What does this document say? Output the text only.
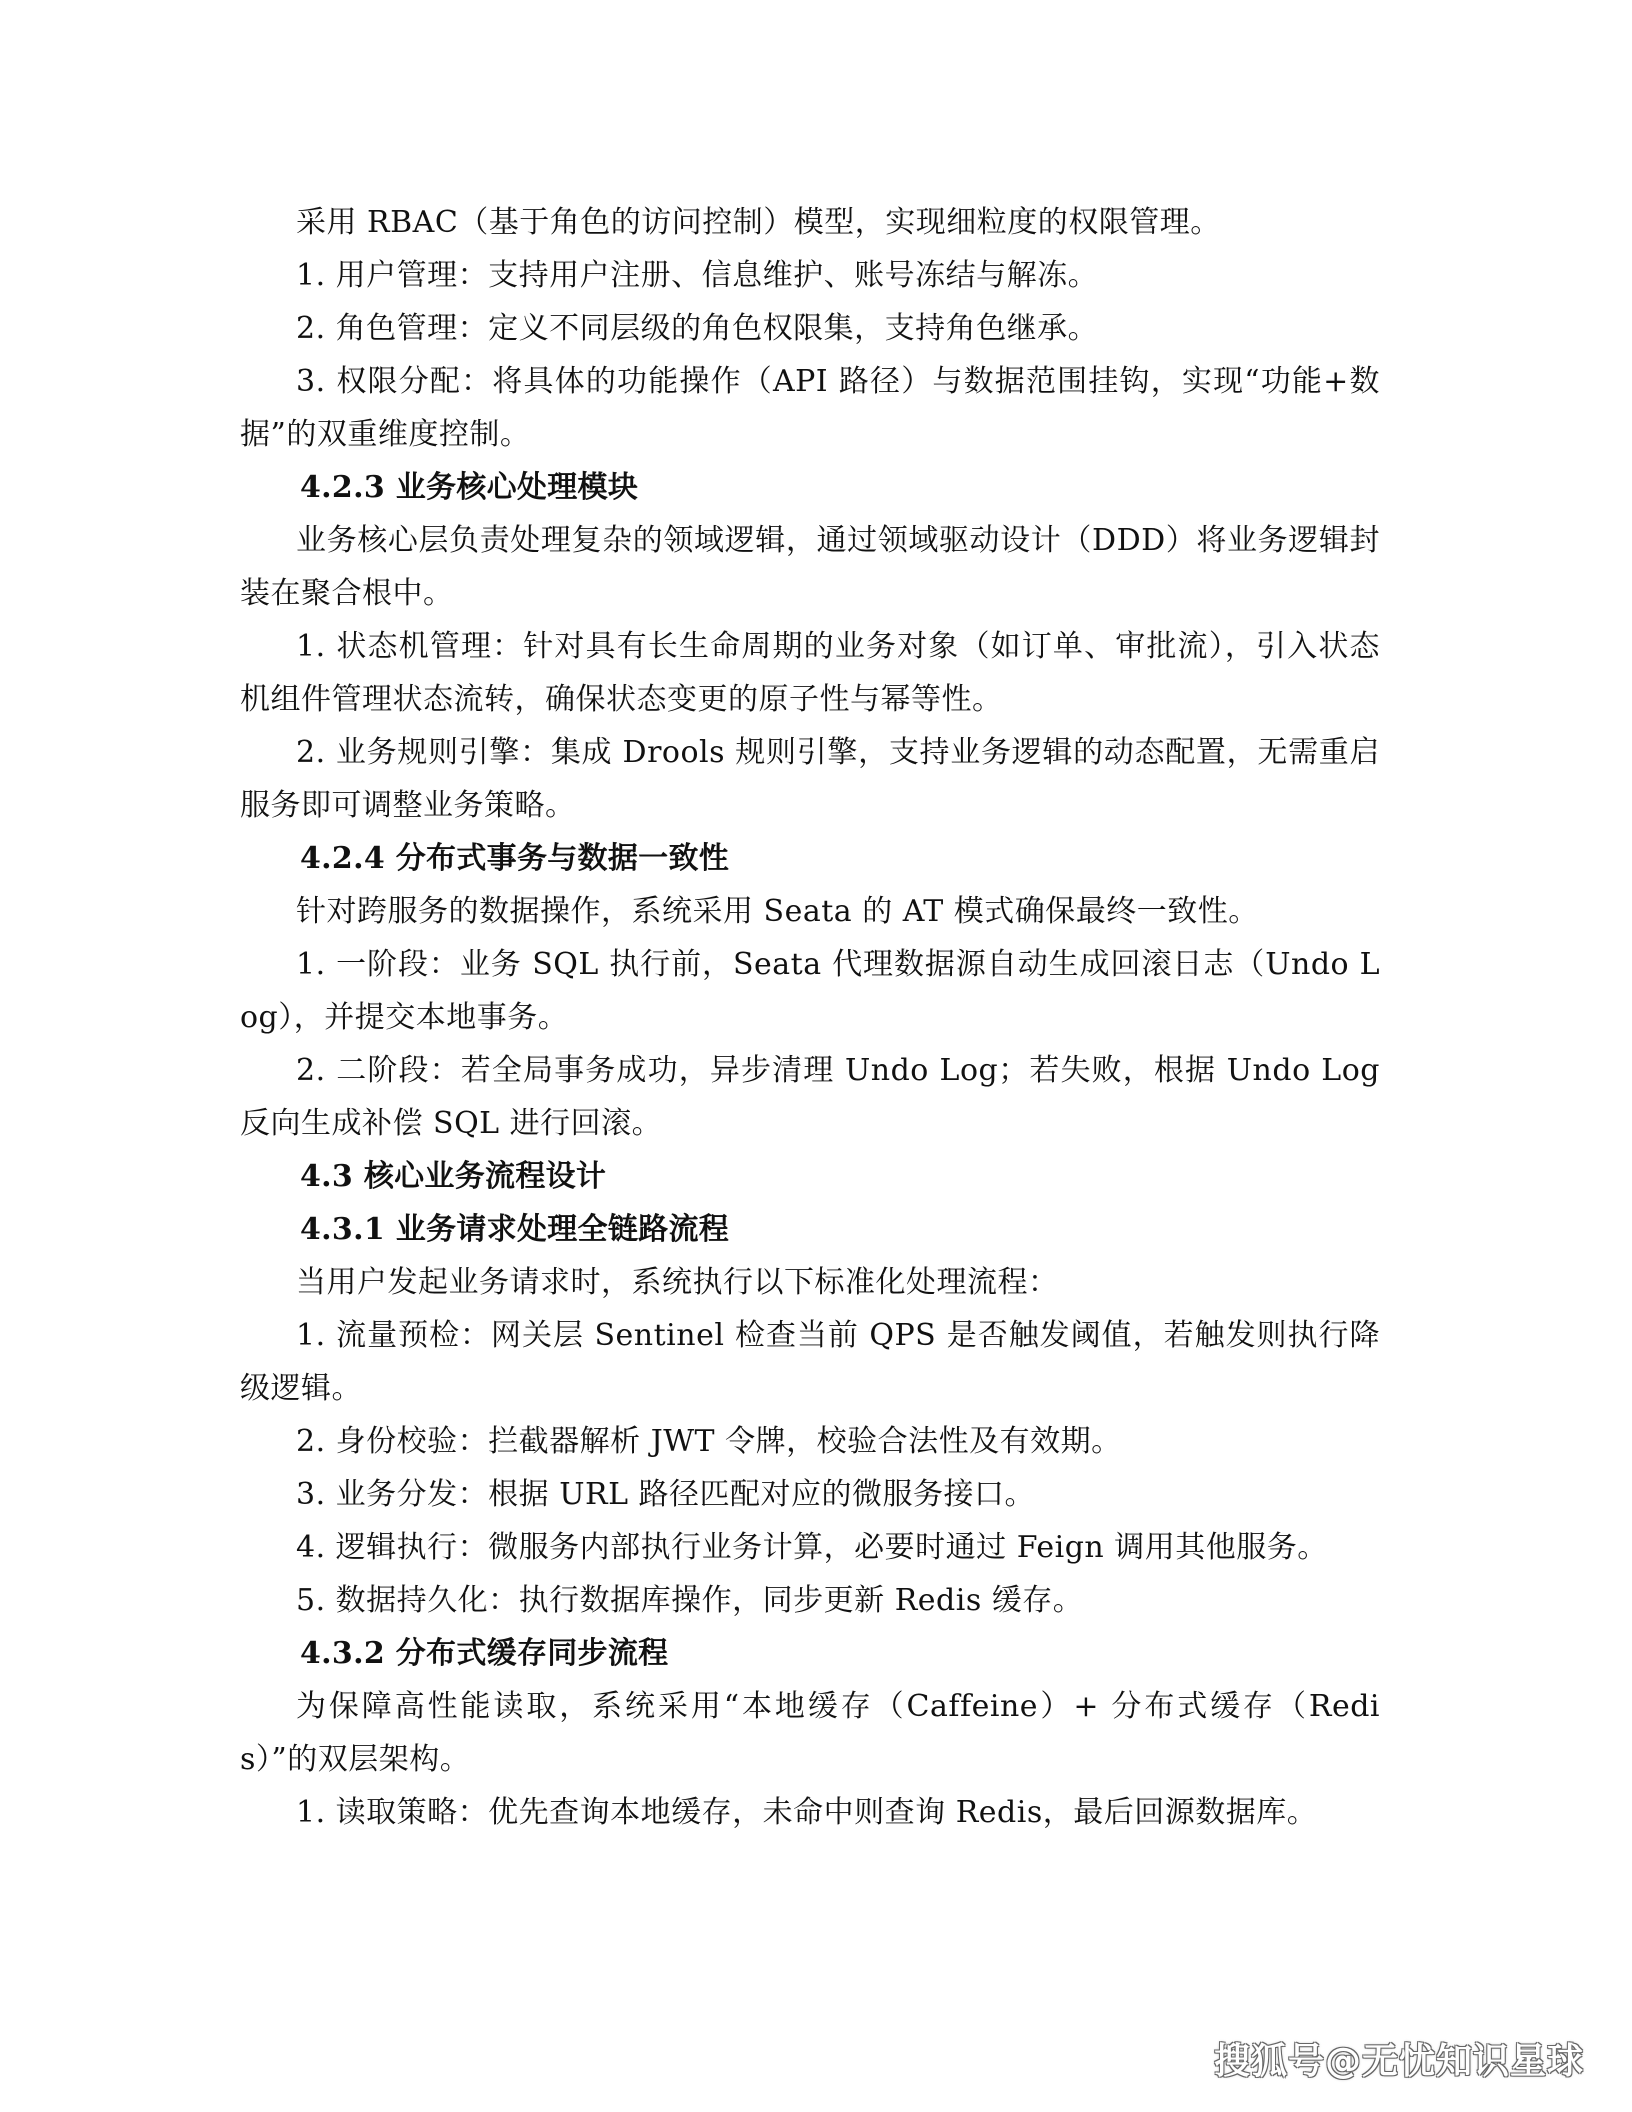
采用 RBAC（基于角色的访问控制）模型，实现细粒度的权限管理。

1. 用户管理：支持用户注册、信息维护、账号冻结与解冻。

2. 角色管理：定义不同层级的角色权限集，支持角色继承。

3. 权限分配：将具体的功能操作（API 路径）与数据范围挂钩，实现“功能+数据”的双重维度控制。

4.2.3 业务核心处理模块

业务核心层负责处理复杂的领域逻辑，通过领域驱动设计（DDD）将业务逻辑封装在聚合根中。

1. 状态机管理：针对具有长生命周期的业务对象（如订单、审批流），引入状态机组件管理状态流转，确保状态变更的原子性与幂等性。

2. 业务规则引擎：集成 Drools 规则引擎，支持业务逻辑的动态配置，无需重启服务即可调整业务策略。

4.2.4 分布式事务与数据一致性

针对跨服务的数据操作，系统采用 Seata 的 AT 模式确保最终一致性。

1. 一阶段：业务 SQL 执行前，Seata 代理数据源自动生成回滚日志（Undo Log），并提交本地事务。

2. 二阶段：若全局事务成功，异步清理 Undo Log；若失败，根据 Undo Log 反向生成补偿 SQL 进行回滚。

4.3 核心业务流程设计
4.3.1 业务请求处理全链路流程

当用户发起业务请求时，系统执行以下标准化处理流程：

1. 流量预检：网关层 Sentinel 检查当前 QPS 是否触发阈值，若触发则执行降级逻辑。

2. 身份校验：拦截器解析 JWT 令牌，校验合法性及有效期。

3. 业务分发：根据 URL 路径匹配对应的微服务接口。

4. 逻辑执行：微服务内部执行业务计算，必要时通过 Feign 调用其他服务。

5. 数据持久化：执行数据库操作，同步更新 Redis 缓存。

4.3.2 分布式缓存同步流程

为保障高性能读取，系统采用“本地缓存（Caffeine）+ 分布式缓存（Redis）”的双层架构。

1. 读取策略：优先查询本地缓存，未命中则查询 Redis，最后回源数据库。

搜狐号@无忧知识星球
